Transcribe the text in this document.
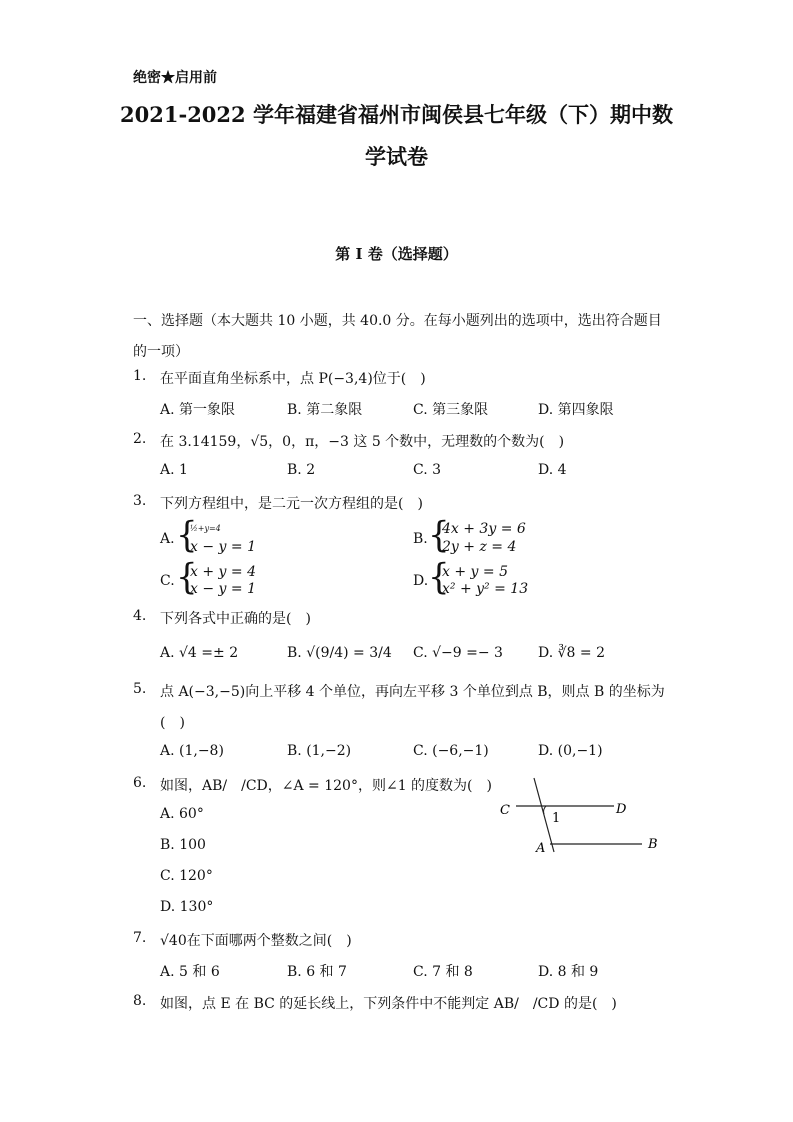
绝密★启用前
2021-2022 学年福建省福州市闽侯县七年级（下）期中数
学试卷
第 I 卷（选择题）
一、选择题（本大题共 10 小题，共 40.0 分。在每小题列出的选项中，选出符合题目的一项）
1. 在平面直角坐标系中，点 P(−3,4)位于(　)
A. 第一象限	B. 第二象限	C. 第三象限	D. 第四象限
2. 在 3.14159，√5，0，π，−3 这 5 个数中，无理数的个数为(　)
A. 1	B. 2	C. 3	D. 4
3. 下列方程组中，是二元一次方程组的是(　)
A. {
½+y=4
x − y = 1	B. {
4x + 3y = 6
2y + z = 4
C. {
x + y = 4
x − y = 1	D. {
x + y = 5
x² + y² = 13
4. 下列各式中正确的是(　)
A. √4 =± 2	B. √(9/4) = 3/4 C. √−9 =− 3	D. ∛8 = 2
5. 点 A(−3,−5)向上平移 4 个单位，再向左平移 3 个单位到点 B，则点 B 的坐标为
(　)
A. (1,−8)	B. (1,−2)	C. (−6,−1)	D. (0,−1)
6. 如图，AB/　/CD，∠A = 120°，则∠1 的度数为(　)
A. 60°
B. 100
C. 120°
D. 130°
C	D
A	B
1
7. √40在下面哪两个整数之间(　)
A. 5 和 6	B. 6 和 7	C. 7 和 8	D. 8 和 9
8. 如图，点 E 在 BC 的延长线上，下列条件中不能判定 AB/　/CD 的是(　)
